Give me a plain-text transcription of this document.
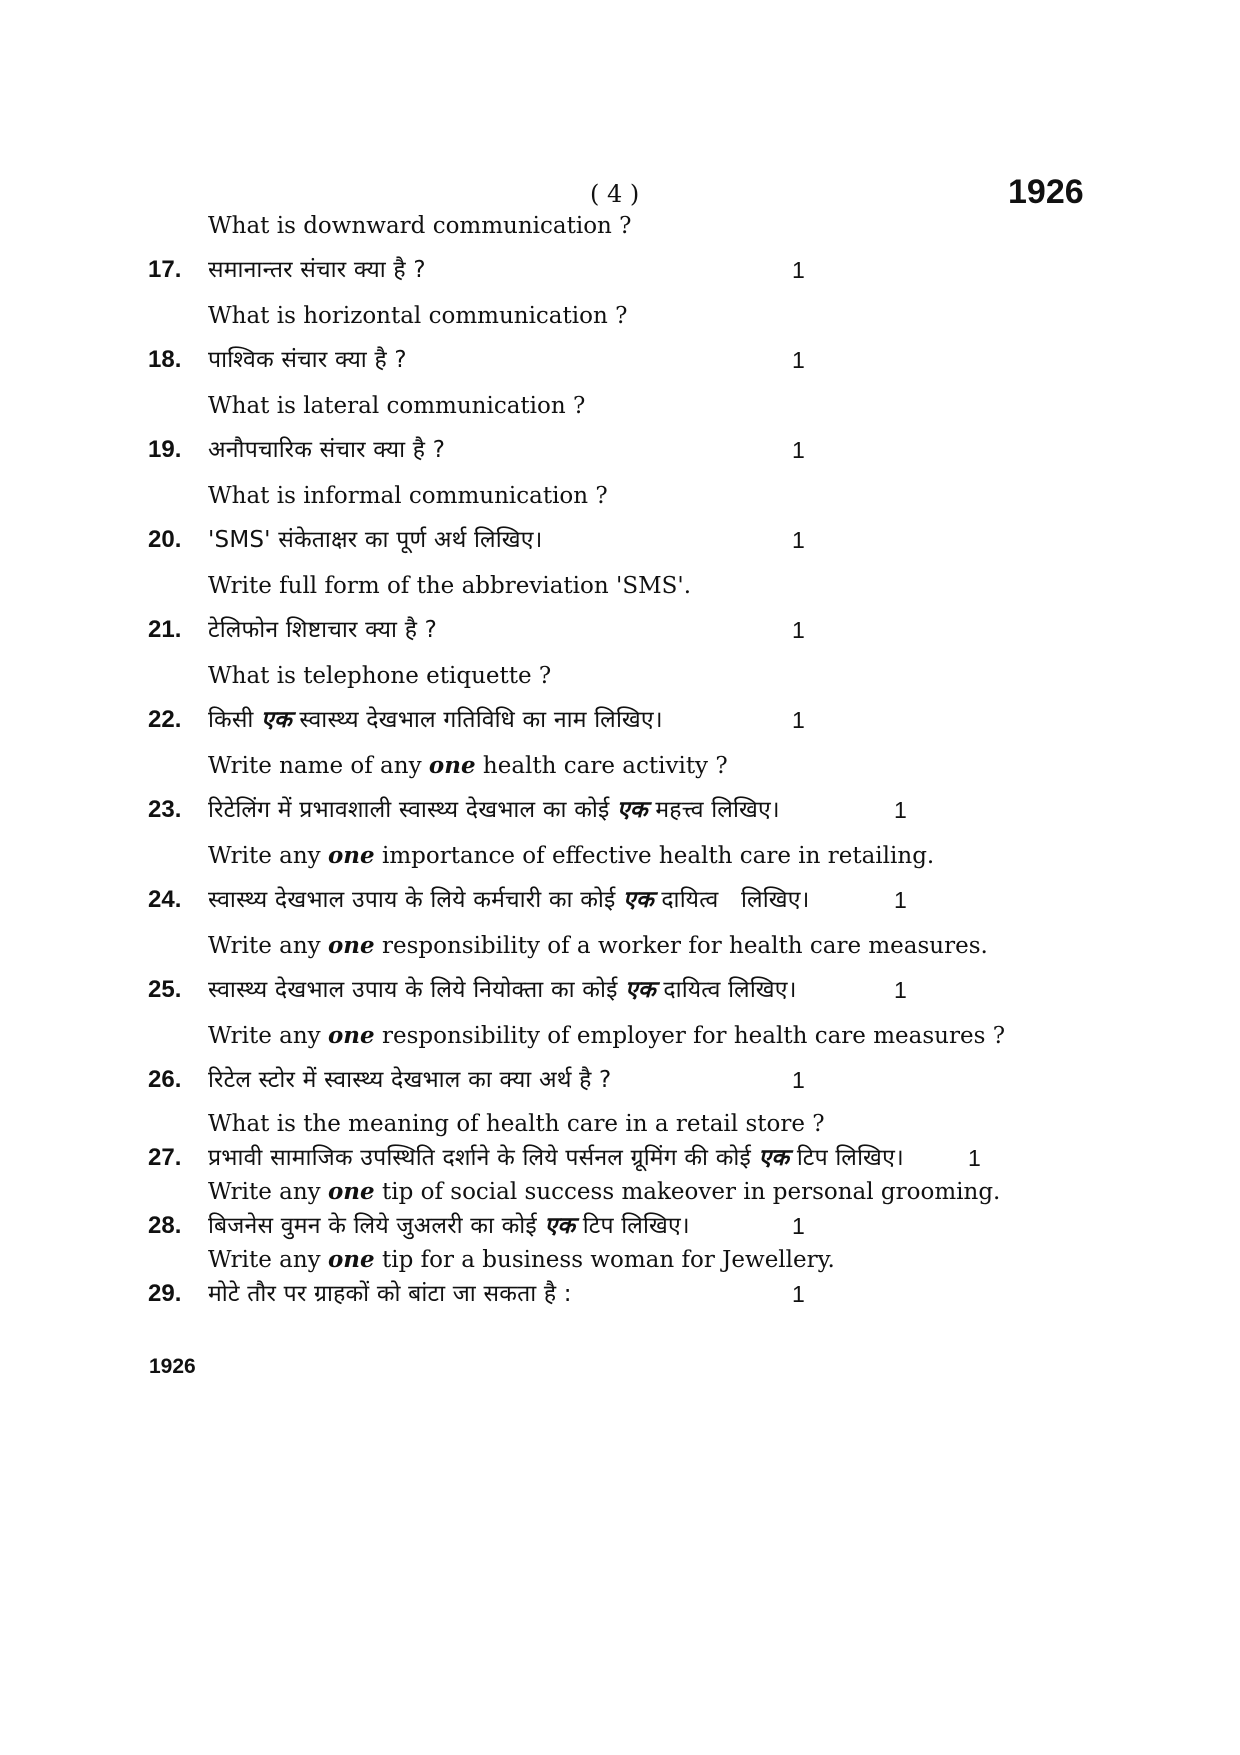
( 4 )	1926
What is downward communication ?
17.	समानान्तर संचार क्या है ?	1
What is horizontal communication ?
18.	पाश्विक संचार क्या है ?	1
What is lateral communication ?
19.	अनौपचारिक संचार क्या है ?	1
What is informal communication ?
20.	'SMS' संकेताक्षर का पूर्ण अर्थ लिखिए।	1
Write full form of the abbreviation 'SMS'.
21.	टेलिफोन शिष्टाचार क्या है ?	1
What is telephone etiquette ?
22.	किसी एक स्वास्थ्य देखभाल गतिविधि का नाम लिखिए।	1
Write name of any one health care activity ?
23.	रिटेलिंग में प्रभावशाली स्वास्थ्य देखभाल का कोई एक महत्त्व लिखिए।	1
Write any one importance of effective health care in retailing.
24.	स्वास्थ्य देखभाल उपाय के लिये कर्मचारी का कोई एक दायित्व   लिखिए।	1
Write any one responsibility of a worker for health care measures.
25.	स्वास्थ्य देखभाल उपाय के लिये नियोक्ता का कोई एक दायित्व लिखिए।	1
Write any one responsibility of employer for health care measures ?
26.	रिटेल स्टोर में स्वास्थ्य देखभाल का क्या अर्थ है ?	1
What is the meaning of health care in a retail store ?
27.	प्रभावी सामाजिक उपस्थिति दर्शाने के लिये पर्सनल ग्रूमिंग की कोई एक टिप लिखिए।	1
Write any one tip of social success makeover in personal grooming.
28.	बिजनेस वुमन के लिये जुअलरी का कोई एक टिप लिखिए।	1
Write any one tip for a business woman for Jewellery.
29.	मोटे तौर पर ग्राहकों को बांटा जा सकता है :	1
1926
